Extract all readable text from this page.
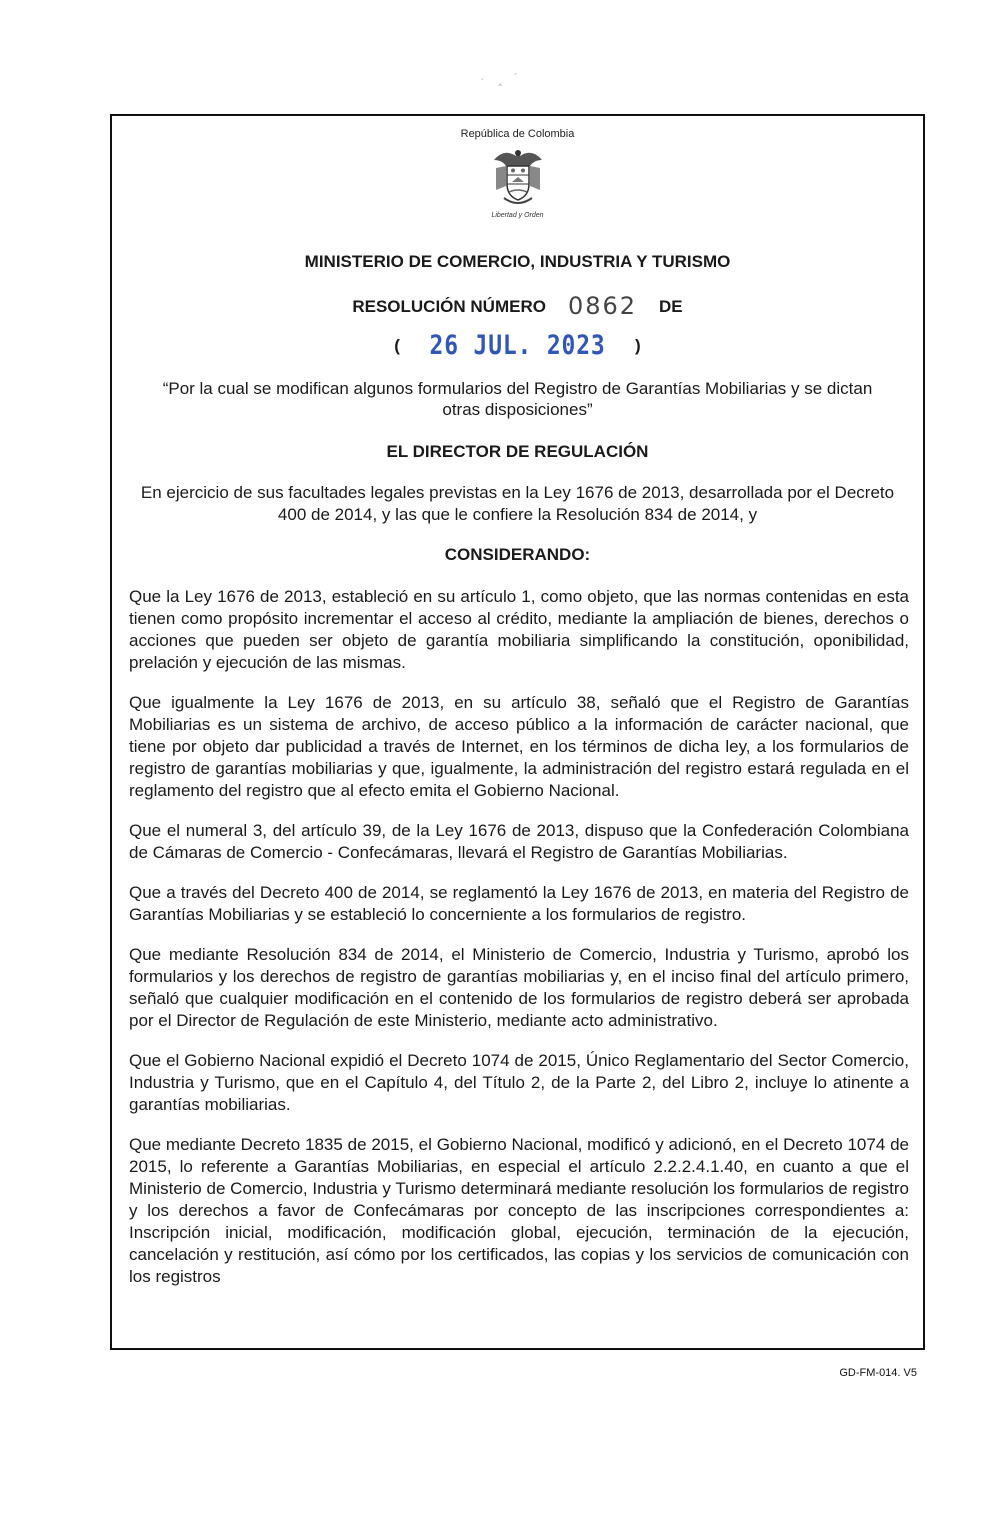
· ˏ̨ ˊ
República de Colombia
Libertad y Orden
MINISTERIO DE COMERCIO, INDUSTRIA Y TURISMO
RESOLUCIÓN NÚMERO 0862 DE
( 26 JUL. 2023 )
“Por la cual se modifican algunos formularios del Registro de Garantías Mobiliarias y se dictan otras disposiciones”
EL DIRECTOR DE REGULACIÓN
En ejercicio de sus facultades legales previstas en la Ley 1676 de 2013, desarrollada por el Decreto 400 de 2014, y las que le confiere la Resolución 834 de 2014, y
CONSIDERANDO:

Que la Ley 1676 de 2013, estableció en su artículo 1, como objeto, que las normas contenidas en esta tienen como propósito incrementar el acceso al crédito, mediante la ampliación de bienes, derechos o acciones que pueden ser objeto de garantía mobiliaria simplificando la constitución, oponibilidad, prelación y ejecución de las mismas.

Que igualmente la Ley 1676 de 2013, en su artículo 38, señaló que el Registro de Garantías Mobiliarias es un sistema de archivo, de acceso público a la información de carácter nacional, que tiene por objeto dar publicidad a través de Internet, en los términos de dicha ley, a los formularios de registro de garantías mobiliarias y que, igualmente, la administración del registro estará regulada en el reglamento del registro que al efecto emita el Gobierno Nacional.

Que el numeral 3, del artículo 39, de la Ley 1676 de 2013, dispuso que la Confederación Colombiana de Cámaras de Comercio - Confecámaras, llevará el Registro de Garantías Mobiliarias.

Que a través del Decreto 400 de 2014, se reglamentó la Ley 1676 de 2013, en materia del Registro de Garantías Mobiliarias y se estableció lo concerniente a los formularios de registro.

Que mediante Resolución 834 de 2014, el Ministerio de Comercio, Industria y Turismo, aprobó los formularios y los derechos de registro de garantías mobiliarias y, en el inciso final del artículo primero, señaló que cualquier modificación en el contenido de los formularios de registro deberá ser aprobada por el Director de Regulación de este Ministerio, mediante acto administrativo.

Que el Gobierno Nacional expidió el Decreto 1074 de 2015, Único Reglamentario del Sector Comercio, Industria y Turismo, que en el Capítulo 4, del Título 2, de la Parte 2, del Libro 2, incluye lo atinente a garantías mobiliarias.

Que mediante Decreto 1835 de 2015, el Gobierno Nacional, modificó y adicionó, en el Decreto 1074 de 2015, lo referente a Garantías Mobiliarias, en especial el artículo 2.2.2.4.1.40, en cuanto a que el Ministerio de Comercio, Industria y Turismo determinará mediante resolución los formularios de registro y los derechos a favor de Confecámaras por concepto de las inscripciones correspondientes a: Inscripción inicial, modificación, modificación global, ejecución, terminación de la ejecución, cancelación y restitución, así cómo por los certificados, las copias y los servicios de comunicación con los registros

GD-FM-014. V5
